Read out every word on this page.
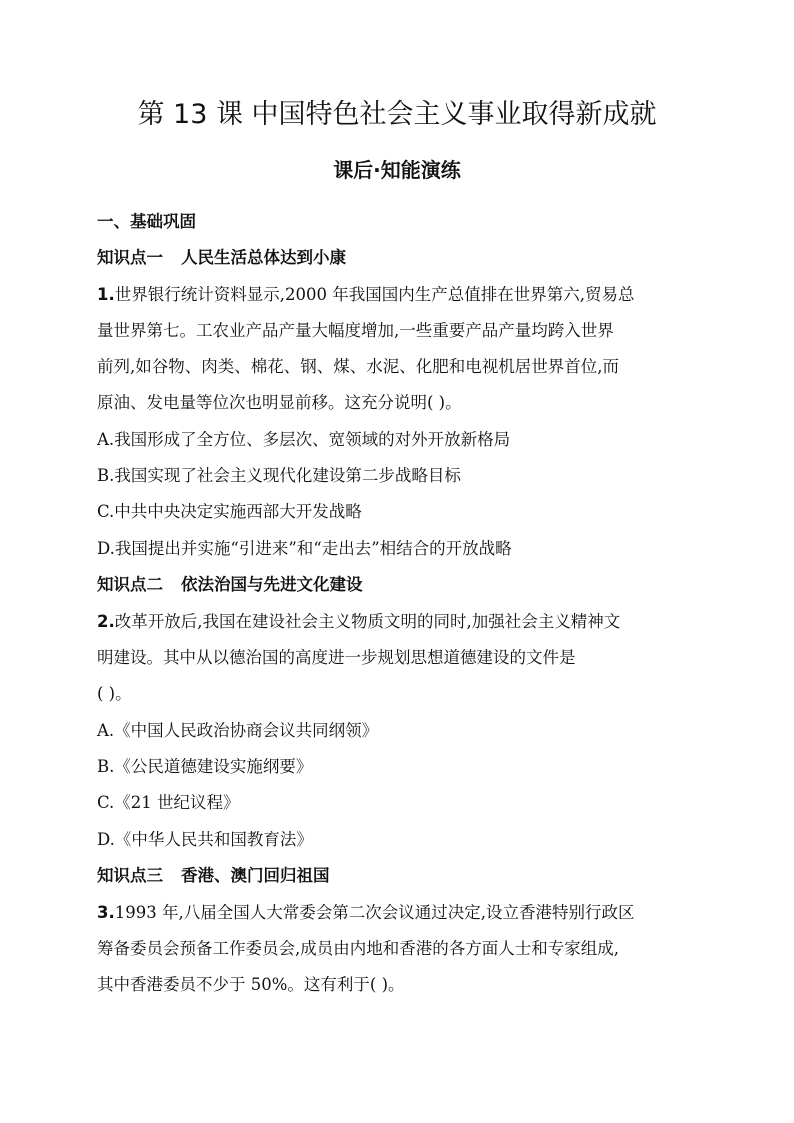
第 13 课 中国特色社会主义事业取得新成就
课后·知能演练
一、基础巩固
知识点一 人民生活总体达到小康
1.世界银行统计资料显示,2000 年我国国内生产总值排在世界第六,贸易总
量世界第七。工农业产品产量大幅度增加,一些重要产品产量均跨入世界
前列,如谷物、肉类、棉花、钢、煤、水泥、化肥和电视机居世界首位,而
原油、发电量等位次也明显前移。这充分说明( )。
A.我国形成了全方位、多层次、宽领域的对外开放新格局
B.我国实现了社会主义现代化建设第二步战略目标
C.中共中央决定实施西部大开发战略
D.我国提出并实施“引进来”和“走出去”相结合的开放战略
知识点二 依法治国与先进文化建设
2.改革开放后,我国在建设社会主义物质文明的同时,加强社会主义精神文
明建设。其中从以德治国的高度进一步规划思想道德建设的文件是
( )。
A.《中国人民政治协商会议共同纲领》
B.《公民道德建设实施纲要》
C.《21 世纪议程》
D.《中华人民共和国教育法》
知识点三 香港、澳门回归祖国
3.1993 年,八届全国人大常委会第二次会议通过决定,设立香港特别行政区
筹备委员会预备工作委员会,成员由内地和香港的各方面人士和专家组成,
其中香港委员不少于 50%。这有利于( )。
